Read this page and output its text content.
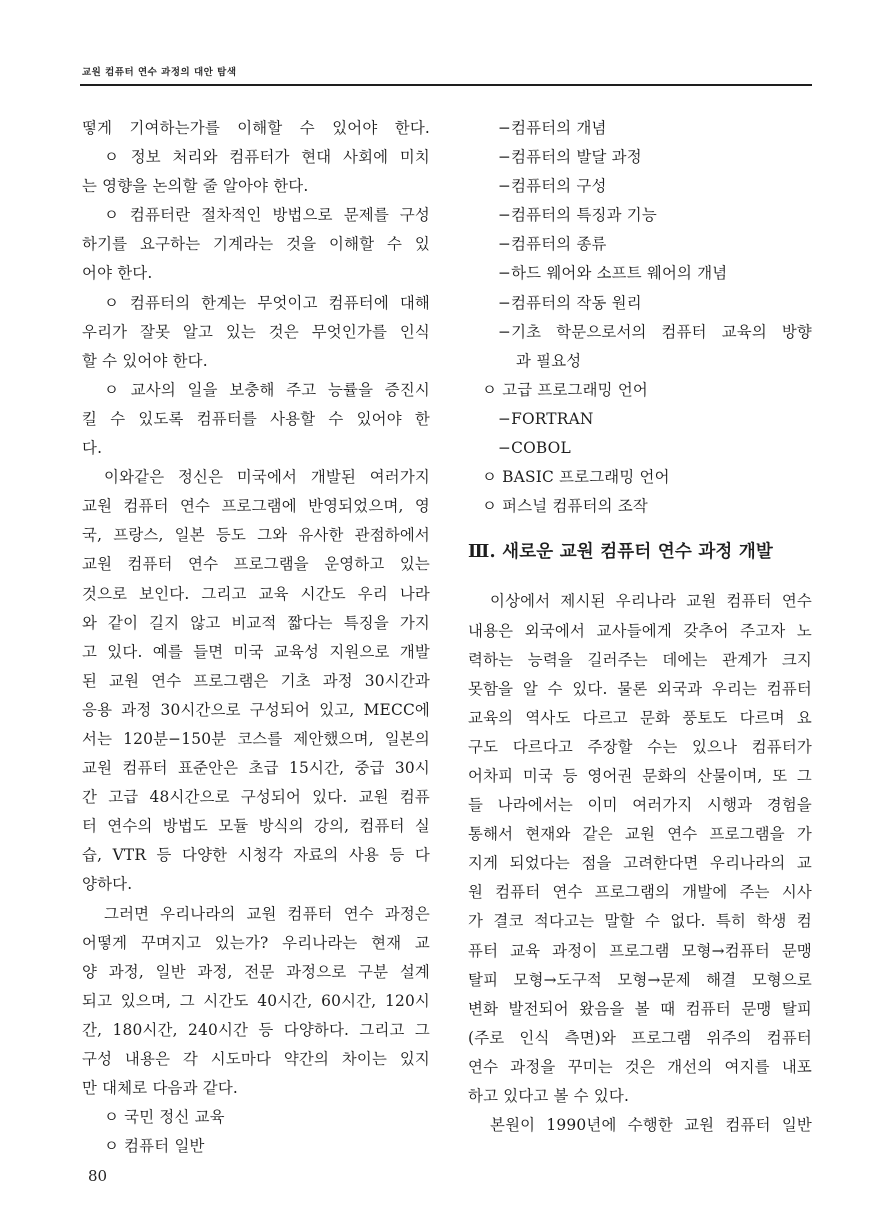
교원 컴퓨터 연수 과정의 대안 탐색

떻게 기여하는가를 이해할 수 있어야 한다.

ㅇ 정보 처리와 컴퓨터가 현대 사회에 미치

는 영향을 논의할 줄 알아야 한다.

ㅇ 컴퓨터란 절차적인 방법으로 문제를 구성

하기를 요구하는 기계라는 것을 이해할 수 있

어야 한다.

ㅇ 컴퓨터의 한계는 무엇이고 컴퓨터에 대해

우리가 잘못 알고 있는 것은 무엇인가를 인식

할 수 있어야 한다.

ㅇ 교사의 일을 보충해 주고 능률을 증진시

킬 수 있도록 컴퓨터를 사용할 수 있어야 한

다.

이와같은 정신은 미국에서 개발된 여러가지

교원 컴퓨터 연수 프로그램에 반영되었으며, 영

국, 프랑스, 일본 등도 그와 유사한 관점하에서

교원 컴퓨터 연수 프로그램을 운영하고 있는

것으로 보인다. 그리고 교육 시간도 우리 나라

와 같이 길지 않고 비교적 짧다는 특징을 가지

고 있다. 예를 들면 미국 교육성 지원으로 개발

된 교원 연수 프로그램은 기초 과정 30시간과

응용 과정 30시간으로 구성되어 있고, MECC에

서는 120분−150분 코스를 제안했으며, 일본의

교원 컴퓨터 표준안은 초급 15시간, 중급 30시

간 고급 48시간으로 구성되어 있다. 교원 컴퓨

터 연수의 방법도 모듈 방식의 강의, 컴퓨터 실

습, VTR 등 다양한 시청각 자료의 사용 등 다

양하다.

그러면 우리나라의 교원 컴퓨터 연수 과정은

어떻게 꾸며지고 있는가? 우리나라는 현재 교

양 과정, 일반 과정, 전문 과정으로 구분 설계

되고 있으며, 그 시간도 40시간, 60시간, 120시

간, 180시간, 240시간 등 다양하다. 그리고 그

구성 내용은 각 시도마다 약간의 차이는 있지

만 대체로 다음과 같다.

ㅇ 국민 정신 교육

ㅇ 컴퓨터 일반

−컴퓨터의 개념

−컴퓨터의 발달 과정

−컴퓨터의 구성

−컴퓨터의 특징과 기능

−컴퓨터의 종류

−하드 웨어와 소프트 웨어의 개념

−컴퓨터의 작동 원리

−기초 학문으로서의 컴퓨터 교육의 방향

과 필요성

ㅇ 고급 프로그래밍 언어

−FORTRAN

−COBOL

ㅇ BASIC 프로그래밍 언어

ㅇ 퍼스널 컴퓨터의 조작

Ⅲ. 새로운 교원 컴퓨터 연수 과정 개발

이상에서 제시된 우리나라 교원 컴퓨터 연수

내용은 외국에서 교사들에게 갖추어 주고자 노

력하는 능력을 길러주는 데에는 관계가 크지

못함을 알 수 있다. 물론 외국과 우리는 컴퓨터

교육의 역사도 다르고 문화 풍토도 다르며 요

구도 다르다고 주장할 수는 있으나 컴퓨터가

어차피 미국 등 영어권 문화의 산물이며, 또 그

들 나라에서는 이미 여러가지 시행과 경험을

통해서 현재와 같은 교원 연수 프로그램을 가

지게 되었다는 점을 고려한다면 우리나라의 교

원 컴퓨터 연수 프로그램의 개발에 주는 시사

가 결코 적다고는 말할 수 없다. 특히 학생 컴

퓨터 교육 과정이 프로그램 모형→컴퓨터 문맹

탈피 모형→도구적 모형→문제 해결 모형으로

변화 발전되어 왔음을 볼 때 컴퓨터 문맹 탈피

(주로 인식 측면)와 프로그램 위주의 컴퓨터

연수 과정을 꾸미는 것은 개선의 여지를 내포

하고 있다고 볼 수 있다.

본원이 1990년에 수행한 교원 컴퓨터 일반

80
